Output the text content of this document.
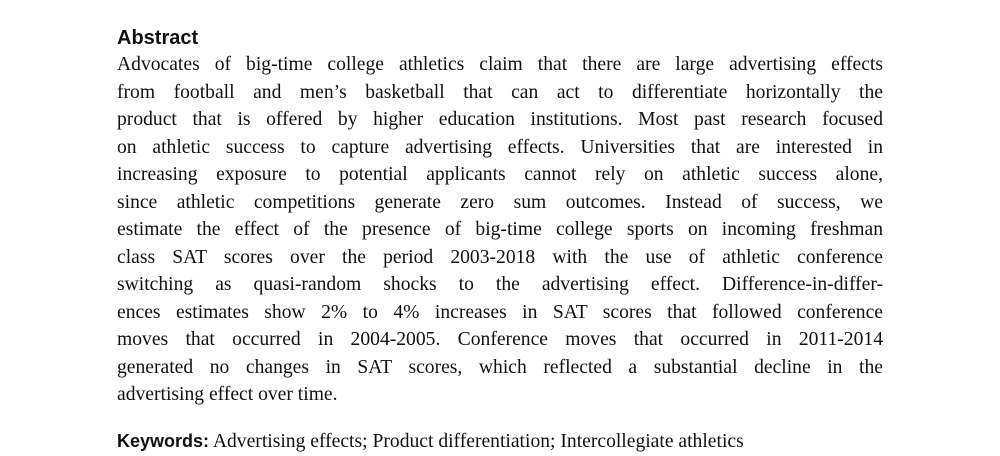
Abstract

Advocates of big-time college athletics claim that there are large advertising effects
from football and men’s basketball that can act to differentiate horizontally the
product that is offered by higher education institutions. Most past research focused
on athletic success to capture advertising effects. Universities that are interested in
increasing exposure to potential applicants cannot rely on athletic success alone,
since athletic competitions generate zero sum outcomes. Instead of success, we
estimate the effect of the presence of big-time college sports on incoming freshman
class SAT scores over the period 2003-2018 with the use of athletic conference
switching as quasi-random shocks to the advertising effect. Difference-in-differ-
ences estimates show 2% to 4% increases in SAT scores that followed conference
moves that occurred in 2004-2005. Conference moves that occurred in 2011-2014
generated no changes in SAT scores, which reflected a substantial decline in the
advertising effect over time.

Keywords: Advertising effects; Product differentiation; Intercollegiate athletics
